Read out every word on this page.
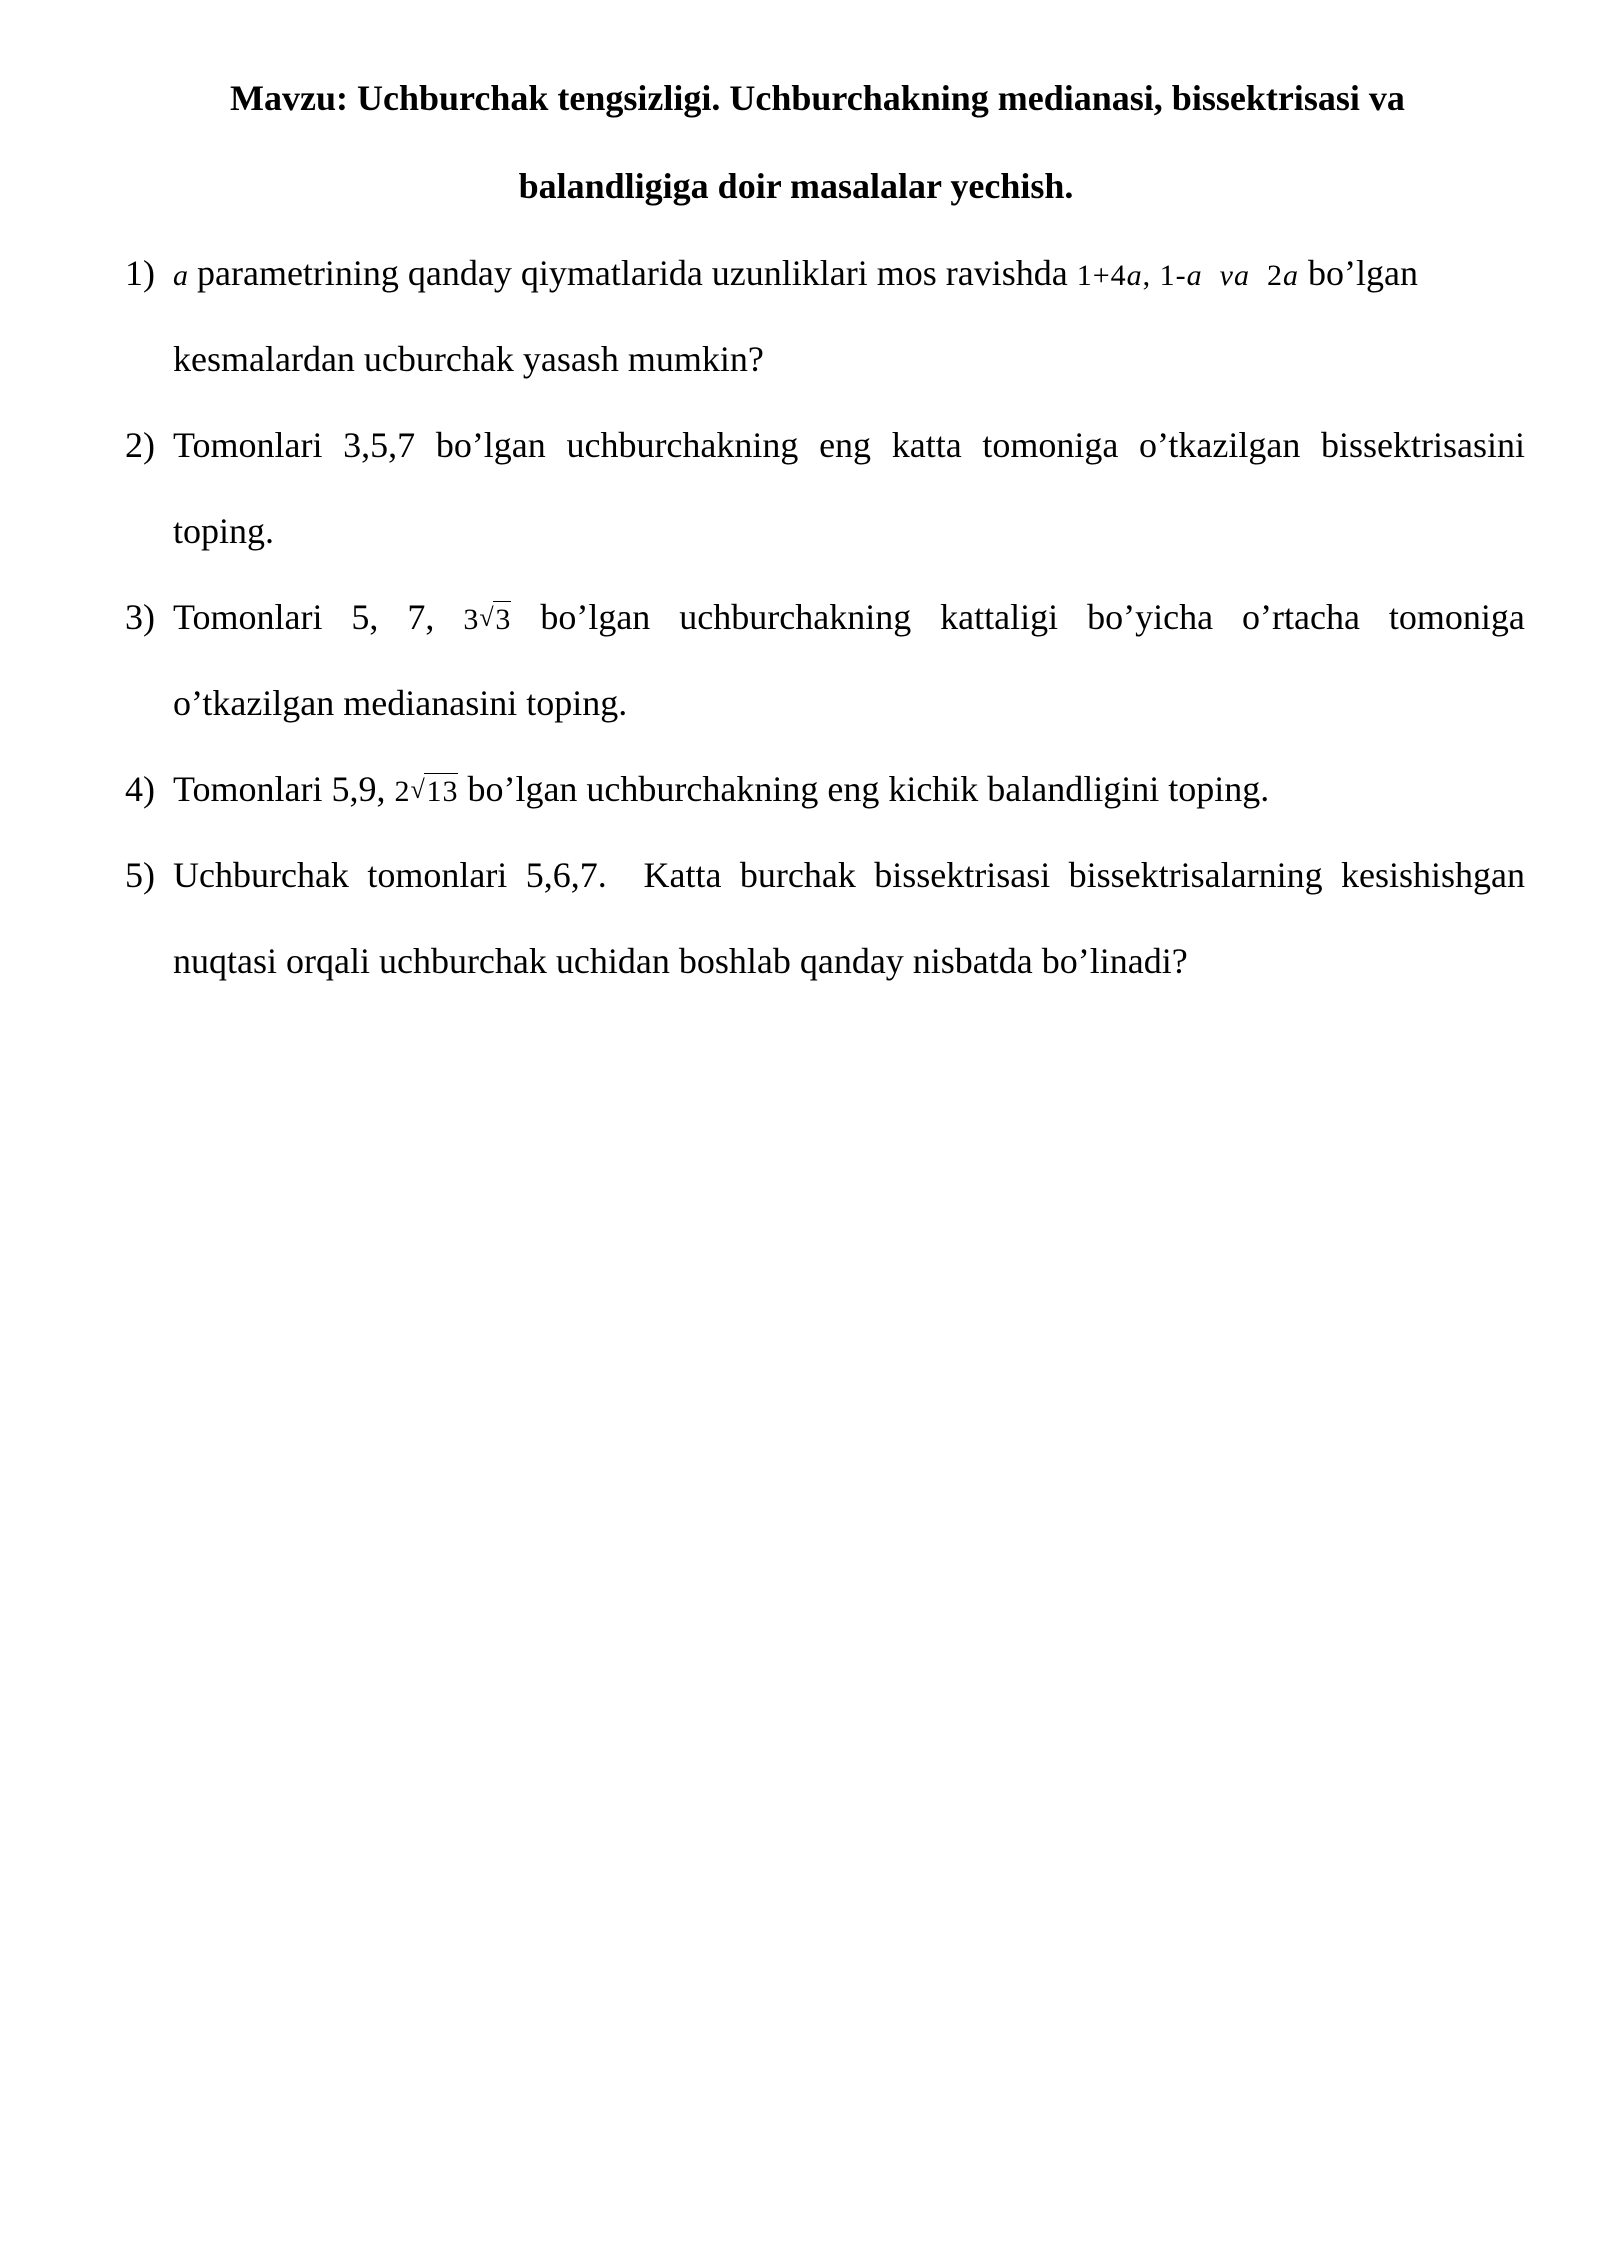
Mavzu: Uchburchak tengsizligi. Uchburchakning medianasi, bissektrisasi va
balandligiga doir masalalar yechish.
1) a parametrining qanday qiymatlarida uzunliklari mos ravishda 1+4a, 1-a va 2a bo’lgan
kesmalardan ucburchak yasash mumkin?
2) Tomonlari 3,5,7 bo’lgan uchburchakning eng katta tomoniga o’tkazilgan bissektrisasini
toping.
3) Tomonlari 5, 7, 3 √ 3 bo’lgan uchburchakning kattaligi bo’yicha o’rtacha tomoniga
o’tkazilgan medianasini toping.
4) Tomonlari 5,9, 2 √ 13 bo’lgan uchburchakning eng kichik balandligini toping.
5) Uchburchak tomonlari 5,6,7.  Katta burchak bissektrisasi bissektrisalarning kesishishgan
nuqtasi orqali uchburchak uchidan boshlab qanday nisbatda bo’linadi?
